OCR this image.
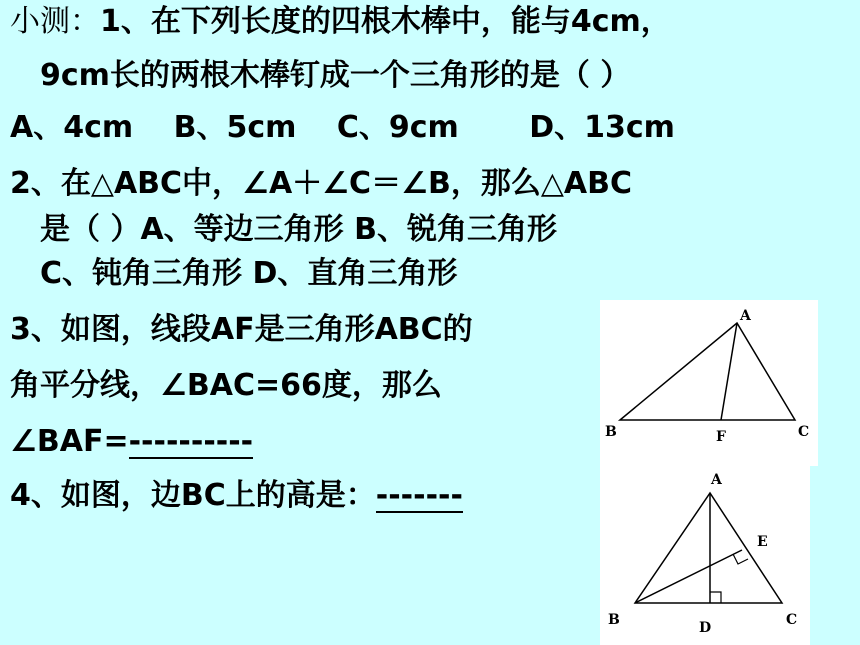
小测：1、在下列长度的四根木棒中，能与4cm，
9cm长的两根木棒钉成一个三角形的是（ ）
A、4cm B、5cm C、9cm D、13cm
2、在△ABC中，∠A＋∠C＝∠B，那么△ABC
是（ ）A、等边三角形 B、锐角三角形
C、钝角三角形 D、直角三角形
3、如图，线段AF是三角形ABC的
角平分线，∠BAC=66度，那么
∠BAF=----------
4、如图，边BC上的高是：-------
A
B	F	C
A
E
B	D	C
